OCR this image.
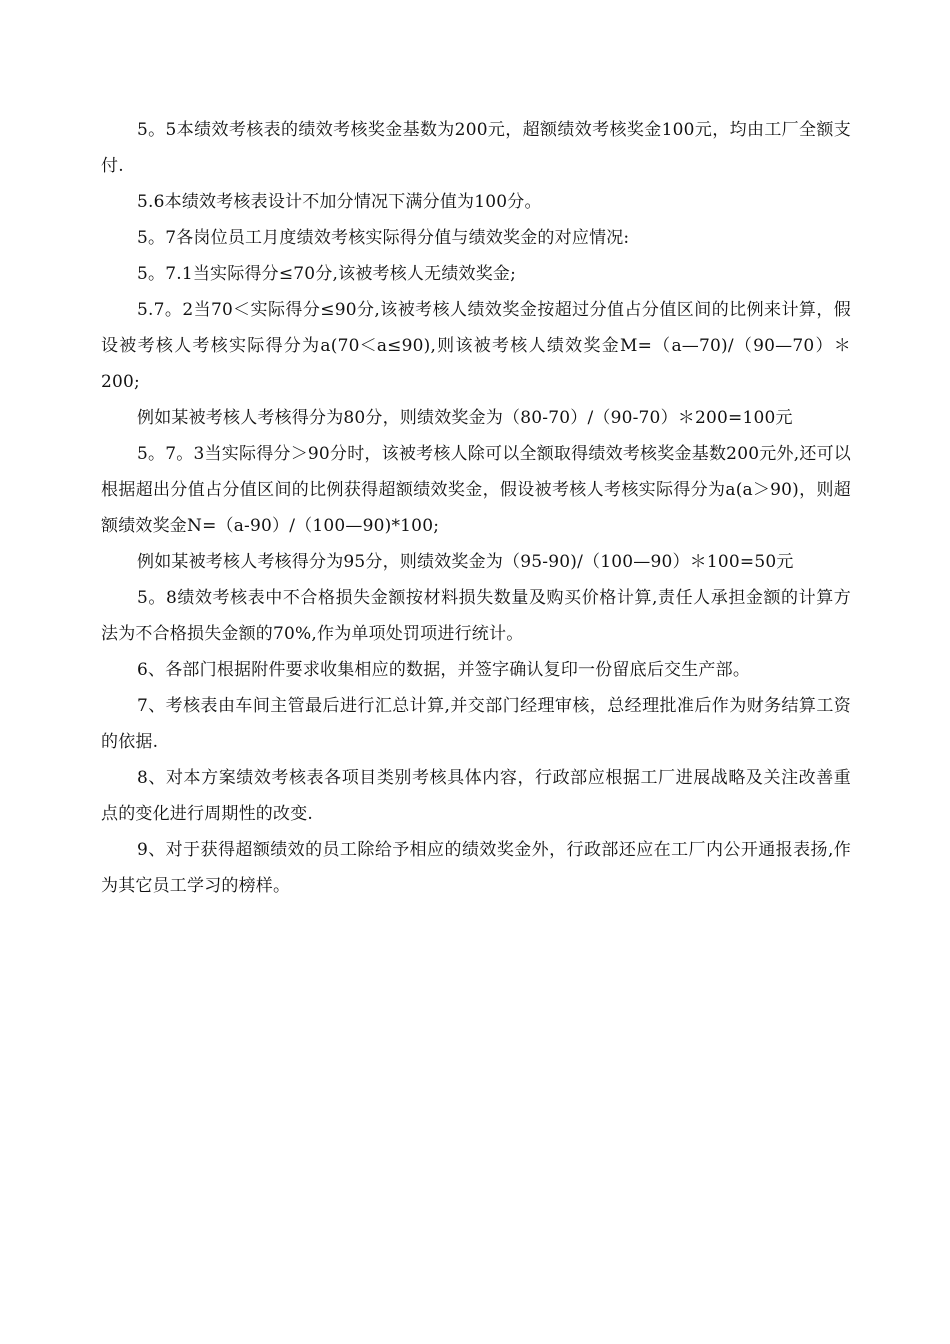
5。5本绩效考核表的绩效考核奖金基数为200元，超额绩效考核奖金100元，均由工厂全额支付.

5.6本绩效考核表设计不加分情况下满分值为100分。

5。7各岗位员工月度绩效考核实际得分值与绩效奖金的对应情况:

5。7.1当实际得分≤70分,该被考核人无绩效奖金;

5.7。2当70＜实际得分≤90分,该被考核人绩效奖金按超过分值占分值区间的比例来计算，假设被考核人考核实际得分为a(70＜a≤90),则该被考核人绩效奖金M=（a—70)/（90—70）＊200;

例如某被考核人考核得分为80分，则绩效奖金为（80-70）/（90-70）＊200=100元

5。7。3当实际得分＞90分时，该被考核人除可以全额取得绩效考核奖金基数200元外,还可以根据超出分值占分值区间的比例获得超额绩效奖金，假设被考核人考核实际得分为a(a＞90)，则超额绩效奖金N=（a-90）/（100—90)*100;

例如某被考核人考核得分为95分，则绩效奖金为（95-90)/（100—90）＊100=50元

5。8绩效考核表中不合格损失金额按材料损失数量及购买价格计算,责任人承担金额的计算方法为不合格损失金额的70%,作为单项处罚项进行统计。

6、各部门根据附件要求收集相应的数据，并签字确认复印一份留底后交生产部。

7、考核表由车间主管最后进行汇总计算,并交部门经理审核，总经理批准后作为财务结算工资的依据.

8、对本方案绩效考核表各项目类别考核具体内容，行政部应根据工厂进展战略及关注改善重点的变化进行周期性的改变.

9、对于获得超额绩效的员工除给予相应的绩效奖金外，行政部还应在工厂内公开通报表扬,作为其它员工学习的榜样。
